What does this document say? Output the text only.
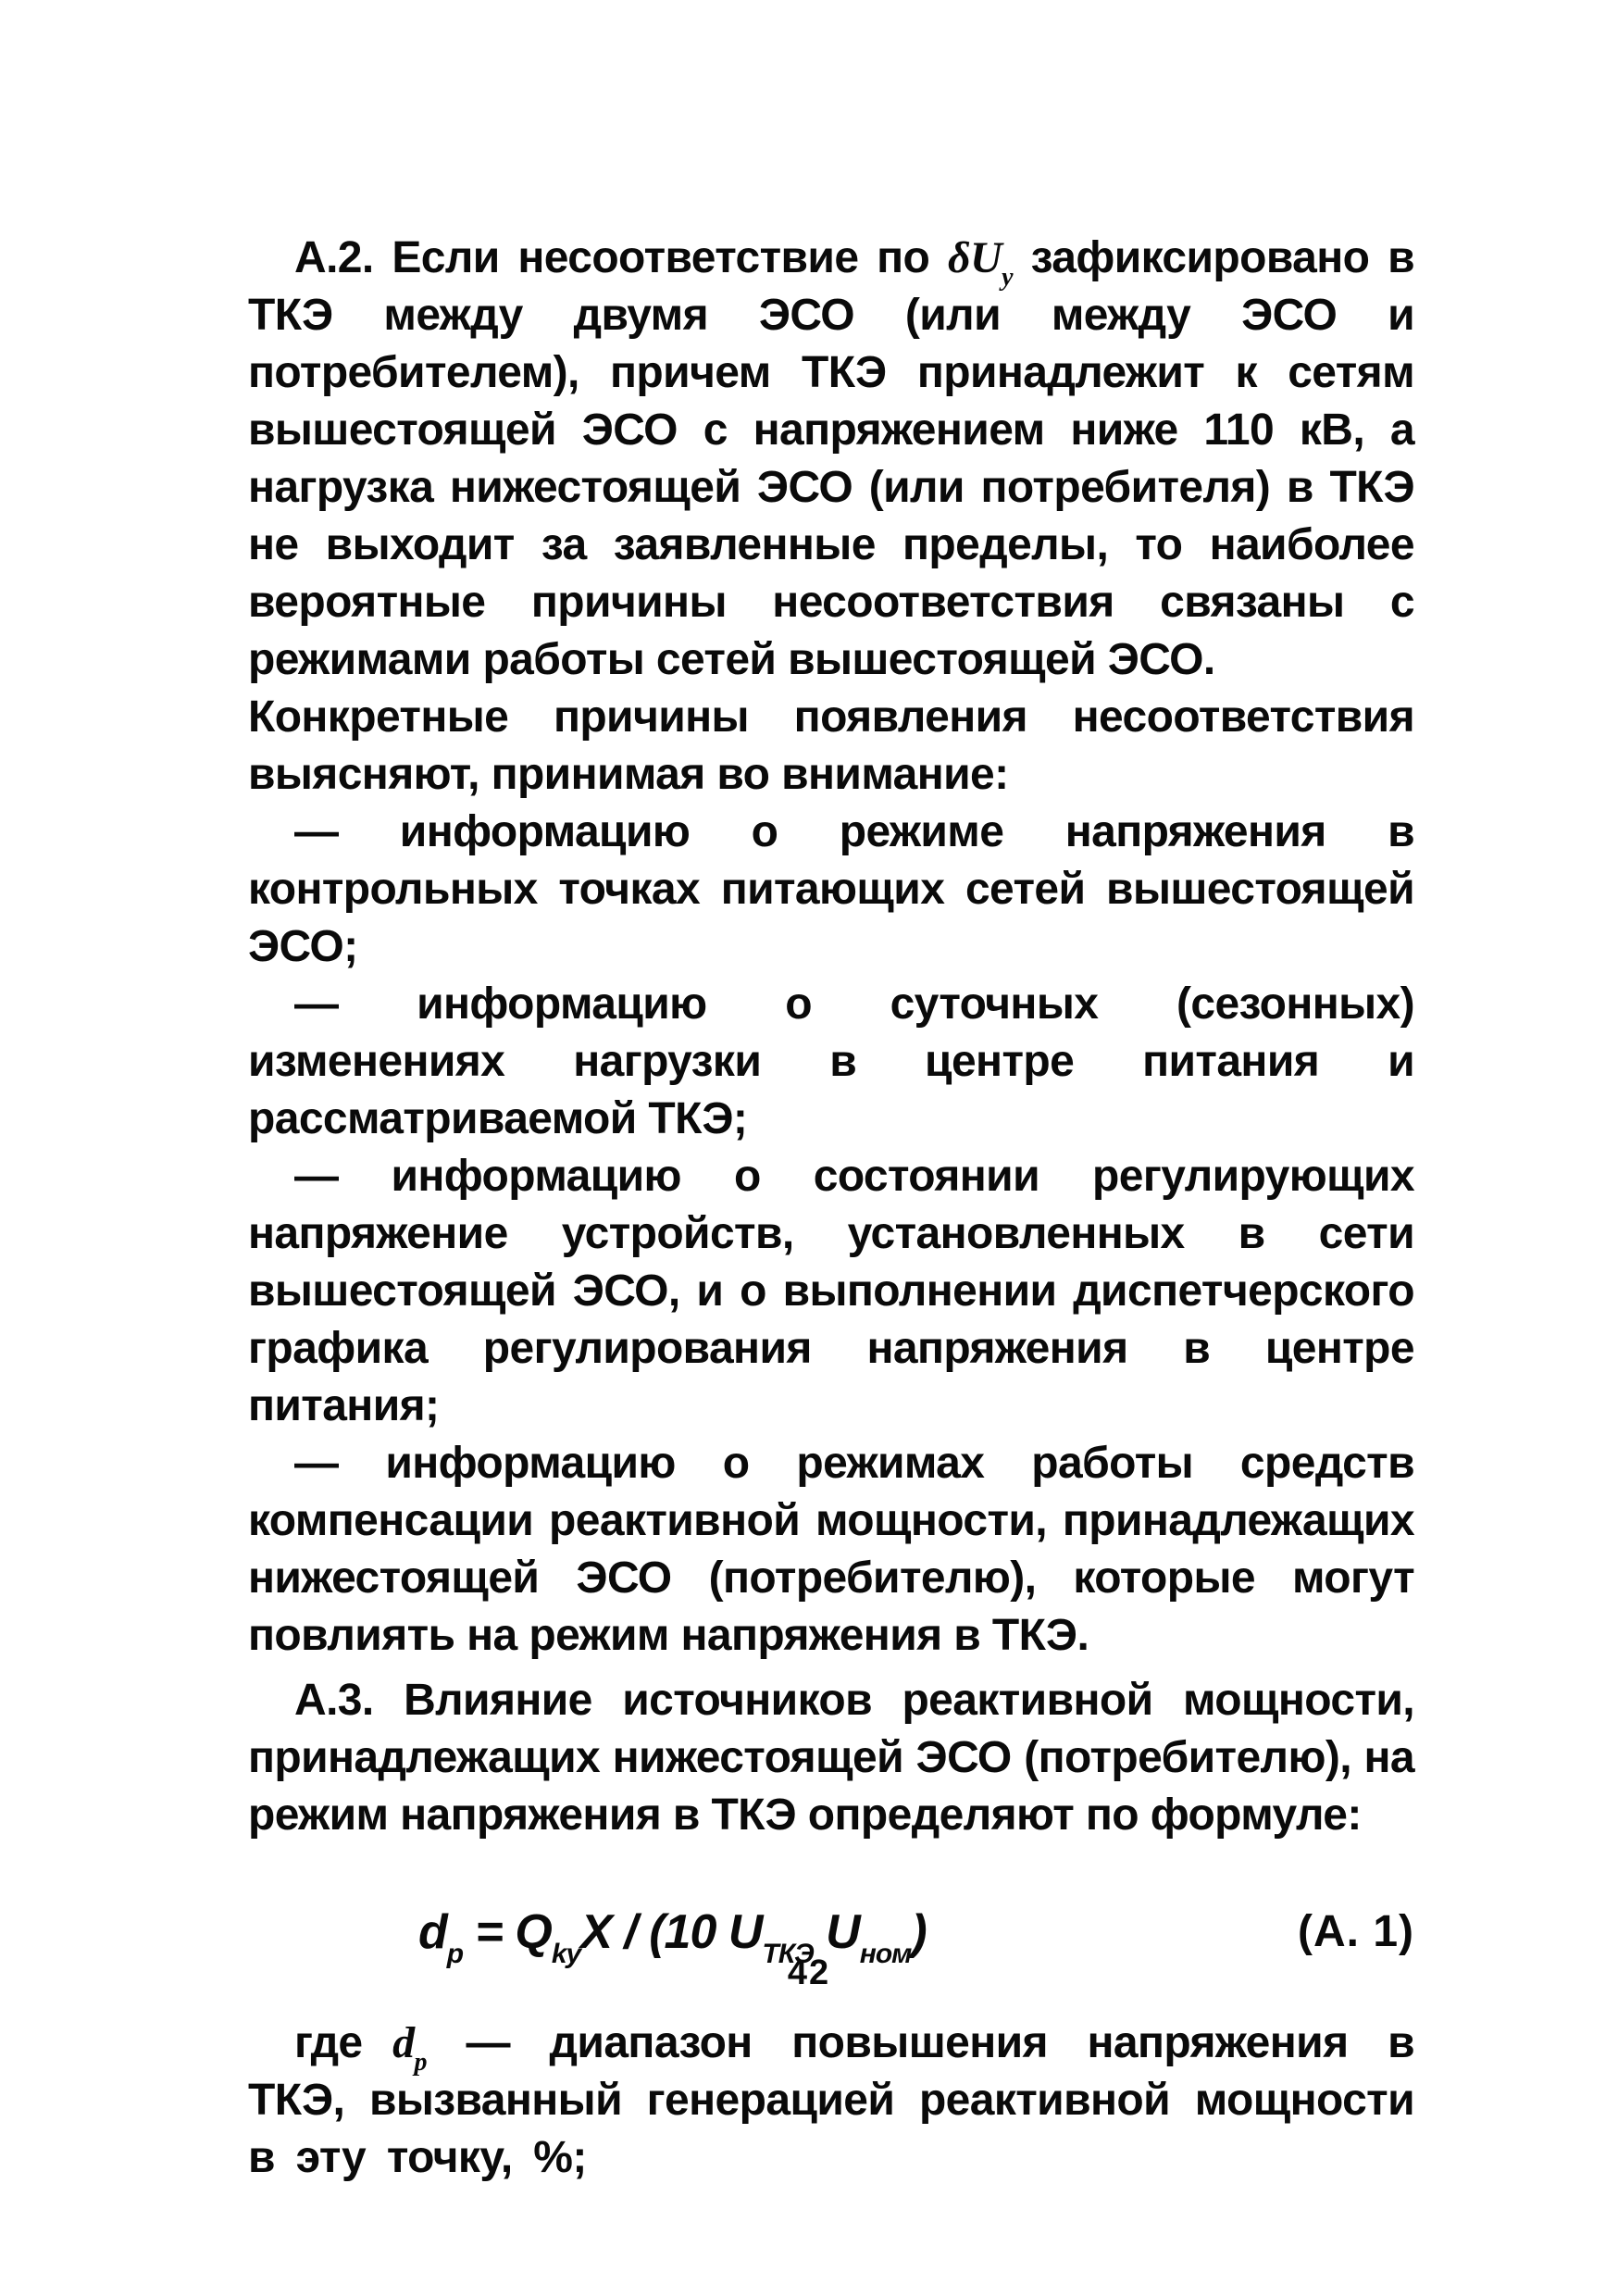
А.2. Если несоответствие по $\delta U_y$ зафиксировано в ТКЭ между двумя ЭСО (или между ЭСО и потребителем), причем ТКЭ принадлежит к сетям вышестоящей ЭСО с напряжением ниже 110 кВ, а нагрузка нижестоящей ЭСО (или потребителя) в ТКЭ не выходит за заявленные пределы, то наиболее вероятные причины несоответствия связаны с режимами работы сетей вышестоящей ЭСО.

Конкретные причины появления несоответствия выясняют, принимая во внимание:

— информацию о режиме напряжения в контрольных точках питающих сетей вышестоящей ЭСО;

— информацию о суточных (сезонных) изменениях нагрузки в центре питания и рассматриваемой ТКЭ;

— информацию о состоянии регулирующих напряжение устройств, установленных в сети вышестоящей ЭСО, и о выполнении диспетчерского графика регулирования напряжения в центре питания;

— информацию о режимах работы средств компенсации реактивной мощности, принадлежащих нижестоящей ЭСО (потребителю), которые могут повлиять на режим напряжения в ТКЭ.

А.3. Влияние источников реактивной мощности, принадлежащих нижестоящей ЭСО (потребителю), на режим напряжения в ТКЭ определяют по формуле:

$d_p = Q_{ky}X / (10$ $U_{ТКЭ}$ $U_{ном}$)	(А. 1)

где $d_p$ — диапазон повышения напряжения в ТКЭ, вызванный генерацией реактивной мощности в эту точку, %;

42
